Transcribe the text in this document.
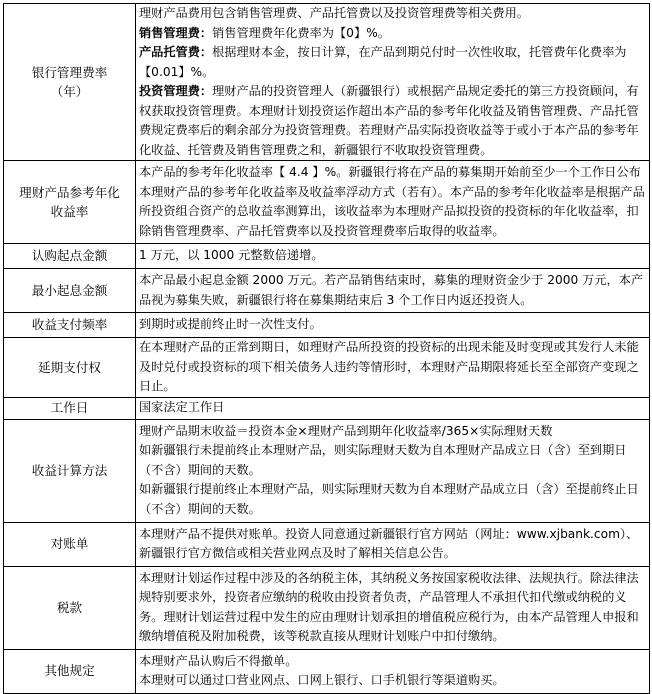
银行管理费率（年）	理财产品费用包含销售管理费、产品托管费以及投资管理费等相关费用。
销售管理费：销售管理费年化费率为【0】%。
产品托管费：根据理财本金，按日计算，在产品到期兑付时一次性收取，托管费年化费率为【0.01】%。
投资管理费：理财产品的投资管理人（新疆银行）或根据产品规定委托的第三方投资顾问，有权获取投资管理费。本理财计划投资运作超出本产品的参考年化收益及销售管理费、产品托管费规定费率后的剩余部分为投资管理费。若理财产品实际投资收益等于或小于本产品的参考年化收益、托管费及销售管理费之和，新疆银行不收取投资管理费。

理财产品参考年化收益率	本产品的参考年化收益率【 4.4 】%。新疆银行将在产品的募集期开始前至少一个工作日公布本理财产品的参考年化收益率及收益率浮动方式（若有）。本产品的参考年化收益率是根据产品所投资组合资产的总收益率测算出，该收益率为本理财产品拟投资的投资标的年化收益率，扣除销售管理费率、产品托管费率以及投资管理费率后取得的收益率。
认购起点金额	1 万元，以 1000 元整数倍递增。
最小起息金额	本产品最小起息金额 2000 万元。若产品销售结束时，募集的理财资金少于 2000 万元，本产品视为募集失败，新疆银行将在募集期结束后 3 个工作日内返还投资人。
收益支付频率	到期时或提前终止时一次性支付。
延期支付权	在本理财产品的正常到期日，如理财产品所投资的投资标的出现未能及时变现或其发行人未能及时兑付或投资标的项下相关债务人违约等情形时，本理财产品期限将延长至全部资产变现之日止。
工作日	国家法定工作日
收益计算方法	理财产品期末收益＝投资本金×理财产品到期年化收益率/365×实际理财天数
如新疆银行未提前终止本理财产品，则实际理财天数为自本理财产品成立日（含）至到期日（不含）期间的天数。
如新疆银行提前终止本理财产品，则实际理财天数为自本理财产品成立日（含）至提前终止日（不含）期间的天数。

对账单	本理财产品不提供对账单。投资人同意通过新疆银行官方网站（网址：www.xjbank.com）、新疆银行官方微信或相关营业网点及时了解相关信息公告。
税款	本理财计划运作过程中涉及的各纳税主体，其纳税义务按国家税收法律、法规执行。除法律法规特别要求外，投资者应缴纳的税收由投资者负责，产品管理人不承担代扣代缴或纳税的义务。理财计划运营过程中发生的应由理财计划承担的增值税应税行为，由本产品管理人申报和缴纳增值税及附加税费，该等税款直接从理财计划账户中扣付缴纳。
其他规定	本理财产品认购后不得撤单。
本理财可以通过口营业网点、口网上银行、口手机银行等渠道购买。
